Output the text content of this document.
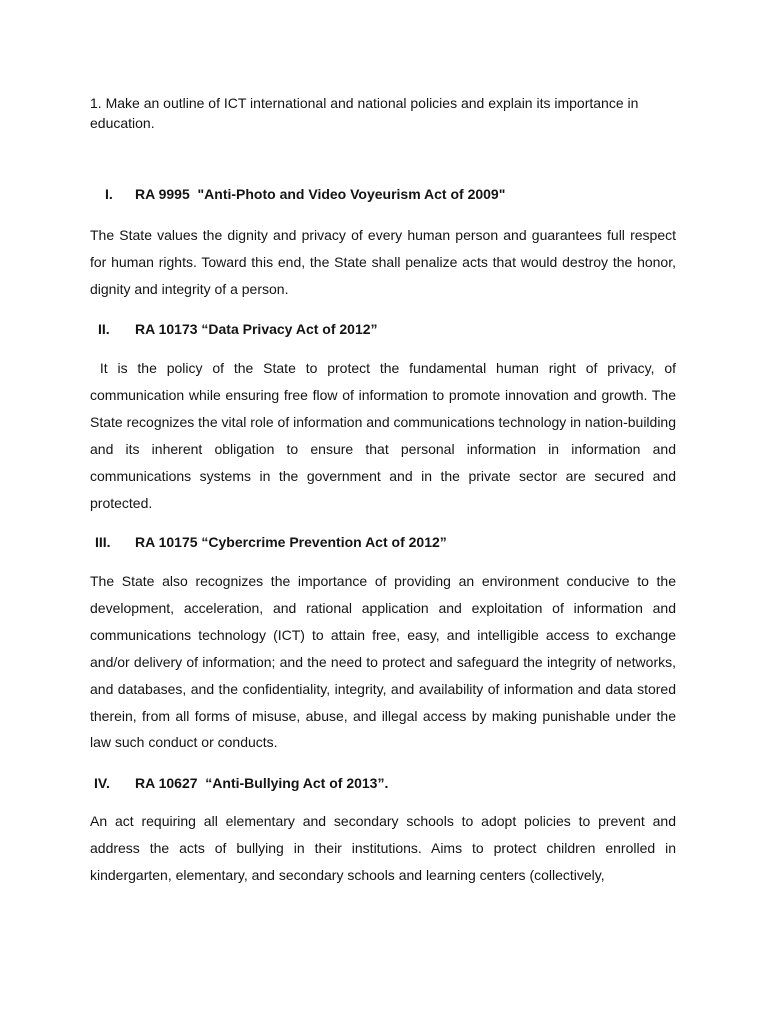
1. Make an outline of ICT international and national policies and explain its importance in education.

I. RA 9995  "Anti-Photo and Video Voyeurism Act of 2009"

The State values the dignity and privacy of every human person and guarantees full respect for human rights. Toward this end, the State shall penalize acts that would destroy the honor, dignity and integrity of a person.

II. RA 10173 “Data Privacy Act of 2012”

It is the policy of the State to protect the fundamental human right of privacy, of communication while ensuring free flow of information to promote innovation and growth. The State recognizes the vital role of information and communications technology in nation-building and its inherent obligation to ensure that personal information in information and communications systems in the government and in the private sector are secured and protected.

III. RA 10175 “Cybercrime Prevention Act of 2012”

The State also recognizes the importance of providing an environment conducive to the development, acceleration, and rational application and exploitation of information and communications technology (ICT) to attain free, easy, and intelligible access to exchange and/or delivery of information; and the need to protect and safeguard the integrity of networks, and databases, and the confidentiality, integrity, and availability of information and data stored therein, from all forms of misuse, abuse, and illegal access by making punishable under the law such conduct or conducts.

IV. RA 10627  “Anti-Bullying Act of 2013”.

An act requiring all elementary and secondary schools to adopt policies to prevent and address the acts of bullying in their institutions. Aims to protect children enrolled in kindergarten, elementary, and secondary schools and learning centers (collectively,
